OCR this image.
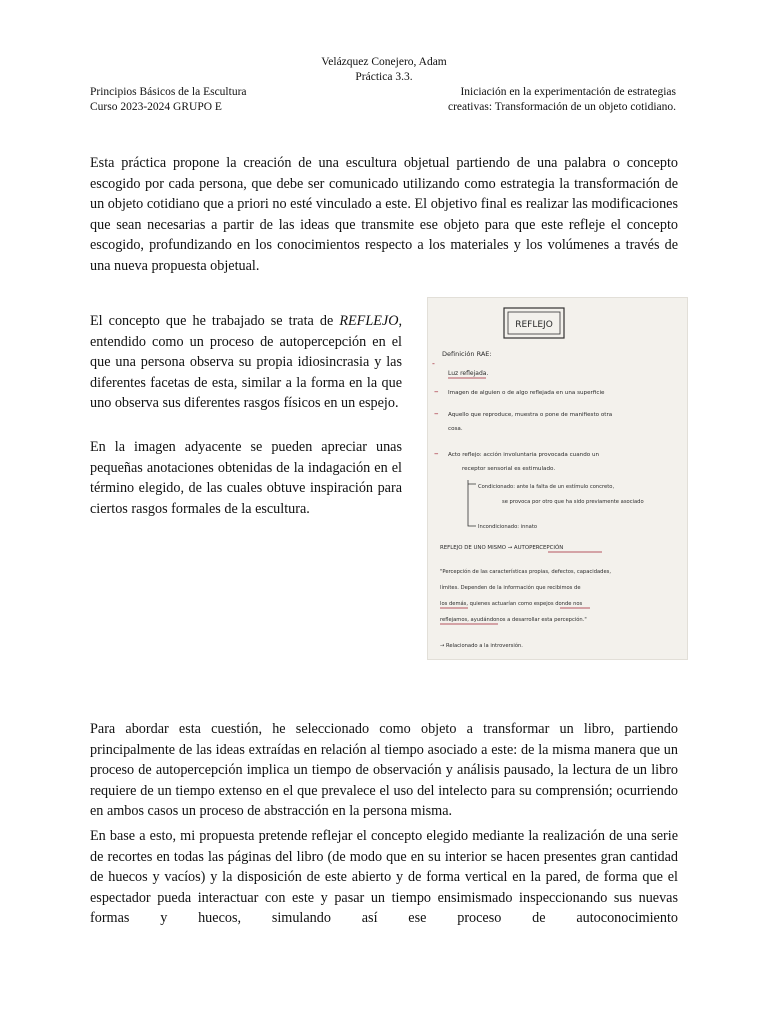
Velázquez Conejero, Adam
Práctica 3.3.
Principios Básicos de la Escultura
Curso 2023-2024 GRUPO E
Iniciación en la experimentación de estrategias
creativas: Transformación de un objeto cotidiano.

Esta práctica propone la creación de una escultura objetual partiendo de una palabra o concepto escogido por cada persona, que debe ser comunicado utilizando como estrategia la transformación de un objeto cotidiano que a priori no esté vinculado a este. El objetivo final es realizar las modificaciones que sean necesarias a partir de las ideas que transmite ese objeto para que este refleje el concepto escogido, profundizando en los conocimientos respecto a los materiales y los volúmenes a través de una nueva propuesta objetual.

El concepto que he trabajado se trata de REFLEJO, entendido como un proceso de autopercepción en el que una persona observa su propia idiosincrasia y las diferentes facetas de esta, similar a la forma en la que uno observa sus diferentes rasgos físicos en un espejo.

En la imagen adyacente se pueden apreciar unas pequeñas anotaciones obtenidas de la indagación en el término elegido, de las cuales obtuve inspiración para ciertos rasgos formales de la escultura.

REFLEJO
Definición RAE:
-
Luz reflejada.
– Imagen de alguien o de algo reflejada en una superficie
– Aquello que reproduce, muestra o pone de manifiesto otra
cosa.
– Acto reflejo: acción involuntaria provocada cuando un
receptor sensorial es estimulado.
Condicionado: ante la falta de un estímulo concreto,
se provoca por otro que ha sido previamente asociado
Incondicionado: innato
REFLEJO DE UNO MISMO → AUTOPERCEPCIÓN
"Percepción de las características propias, defectos, capacidades,
límites. Dependen de la información que recibimos de
los demás, quienes actuarían como espejos donde nos
reflejamos, ayudándonos a desarrollar esta percepción."
→ Relacionado a la introversión.

Para abordar esta cuestión, he seleccionado como objeto a transformar un libro, partiendo principalmente de las ideas extraídas en relación al tiempo asociado a este: de la misma manera que un proceso de autopercepción implica un tiempo de observación y análisis pausado, la lectura de un libro requiere de un tiempo extenso en el que prevalece el uso del intelecto para su comprensión; ocurriendo en ambos casos un proceso de abstracción en la persona misma.

En base a esto, mi propuesta pretende reflejar el concepto elegido mediante la realización de una serie de recortes en todas las páginas del libro (de modo que en su interior se hacen presentes gran cantidad de huecos y vacíos) y la disposición de este abierto y de forma vertical en la pared, de forma que el espectador pueda interactuar con este y pasar un tiempo ensimismado inspeccionando sus nuevas formas y huecos, simulando así ese proceso de autoconocimiento
